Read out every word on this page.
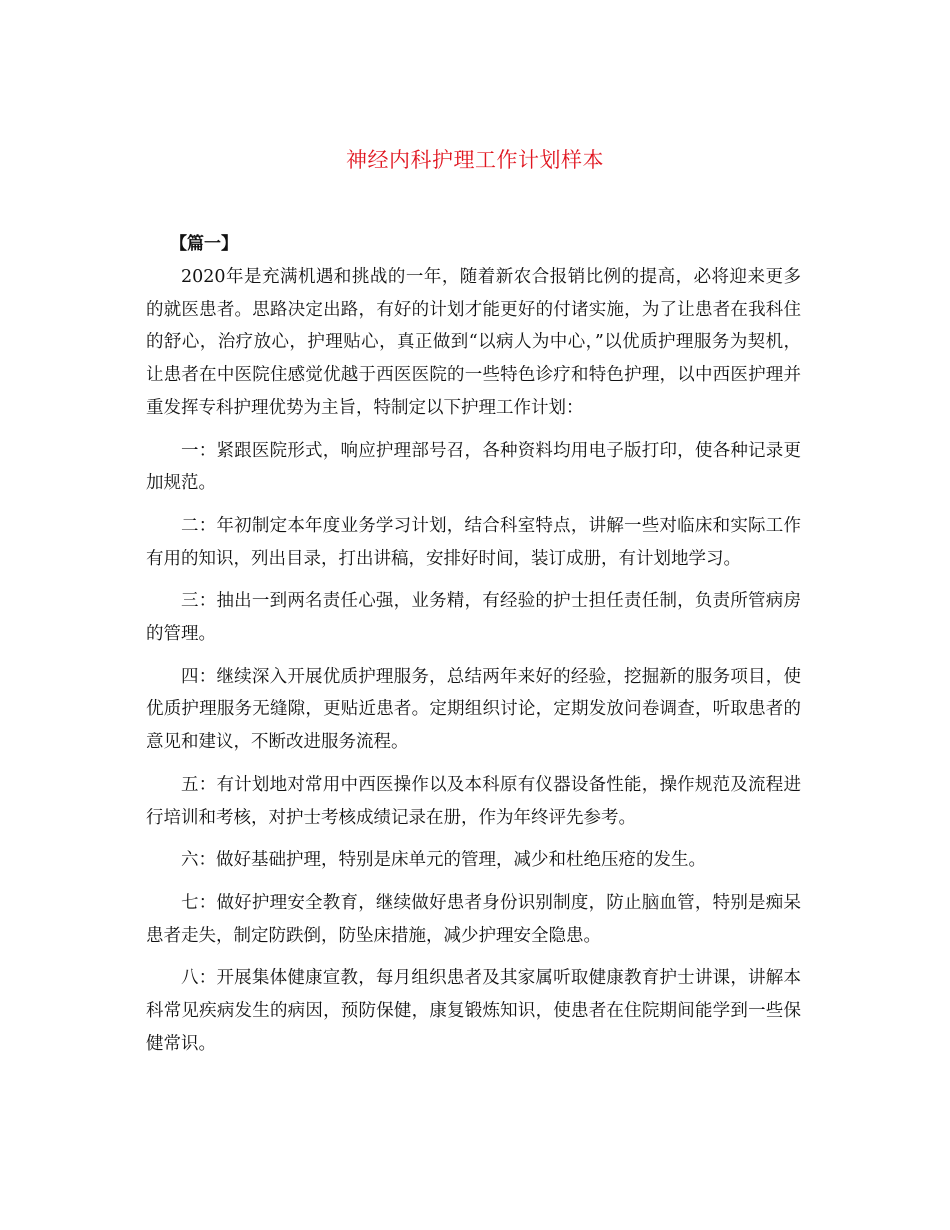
神经内科护理工作计划样本
【篇一】

2020年是充满机遇和挑战的一年，随着新农合报销比例的提高，必将迎来更多的就医患者。思路决定出路，有好的计划才能更好的付诸实施，为了让患者在我科住的舒心，治疗放心，护理贴心，真正做到“以病人为中心，”以优质护理服务为契机，让患者在中医院住感觉优越于西医医院的一些特色诊疗和特色护理，以中西医护理并重发挥专科护理优势为主旨，特制定以下护理工作计划：

一：紧跟医院形式，响应护理部号召，各种资料均用电子版打印，使各种记录更加规范。

二：年初制定本年度业务学习计划，结合科室特点，讲解一些对临床和实际工作有用的知识，列出目录，打出讲稿，安排好时间，装订成册，有计划地学习。

三：抽出一到两名责任心强，业务精，有经验的护士担任责任制，负责所管病房的管理。

四：继续深入开展优质护理服务，总结两年来好的经验，挖掘新的服务项目，使优质护理服务无缝隙，更贴近患者。定期组织讨论，定期发放问卷调查，听取患者的意见和建议，不断改进服务流程。

五：有计划地对常用中西医操作以及本科原有仪器设备性能，操作规范及流程进行培训和考核，对护士考核成绩记录在册，作为年终评先参考。

六：做好基础护理，特别是床单元的管理，减少和杜绝压疮的发生。

七：做好护理安全教育，继续做好患者身份识别制度，防止脑血管，特别是痴呆患者走失，制定防跌倒，防坠床措施，减少护理安全隐患。

八：开展集体健康宣教，每月组织患者及其家属听取健康教育护士讲课，讲解本科常见疾病发生的病因，预防保健，康复锻炼知识，使患者在住院期间能学到一些保健常识。
